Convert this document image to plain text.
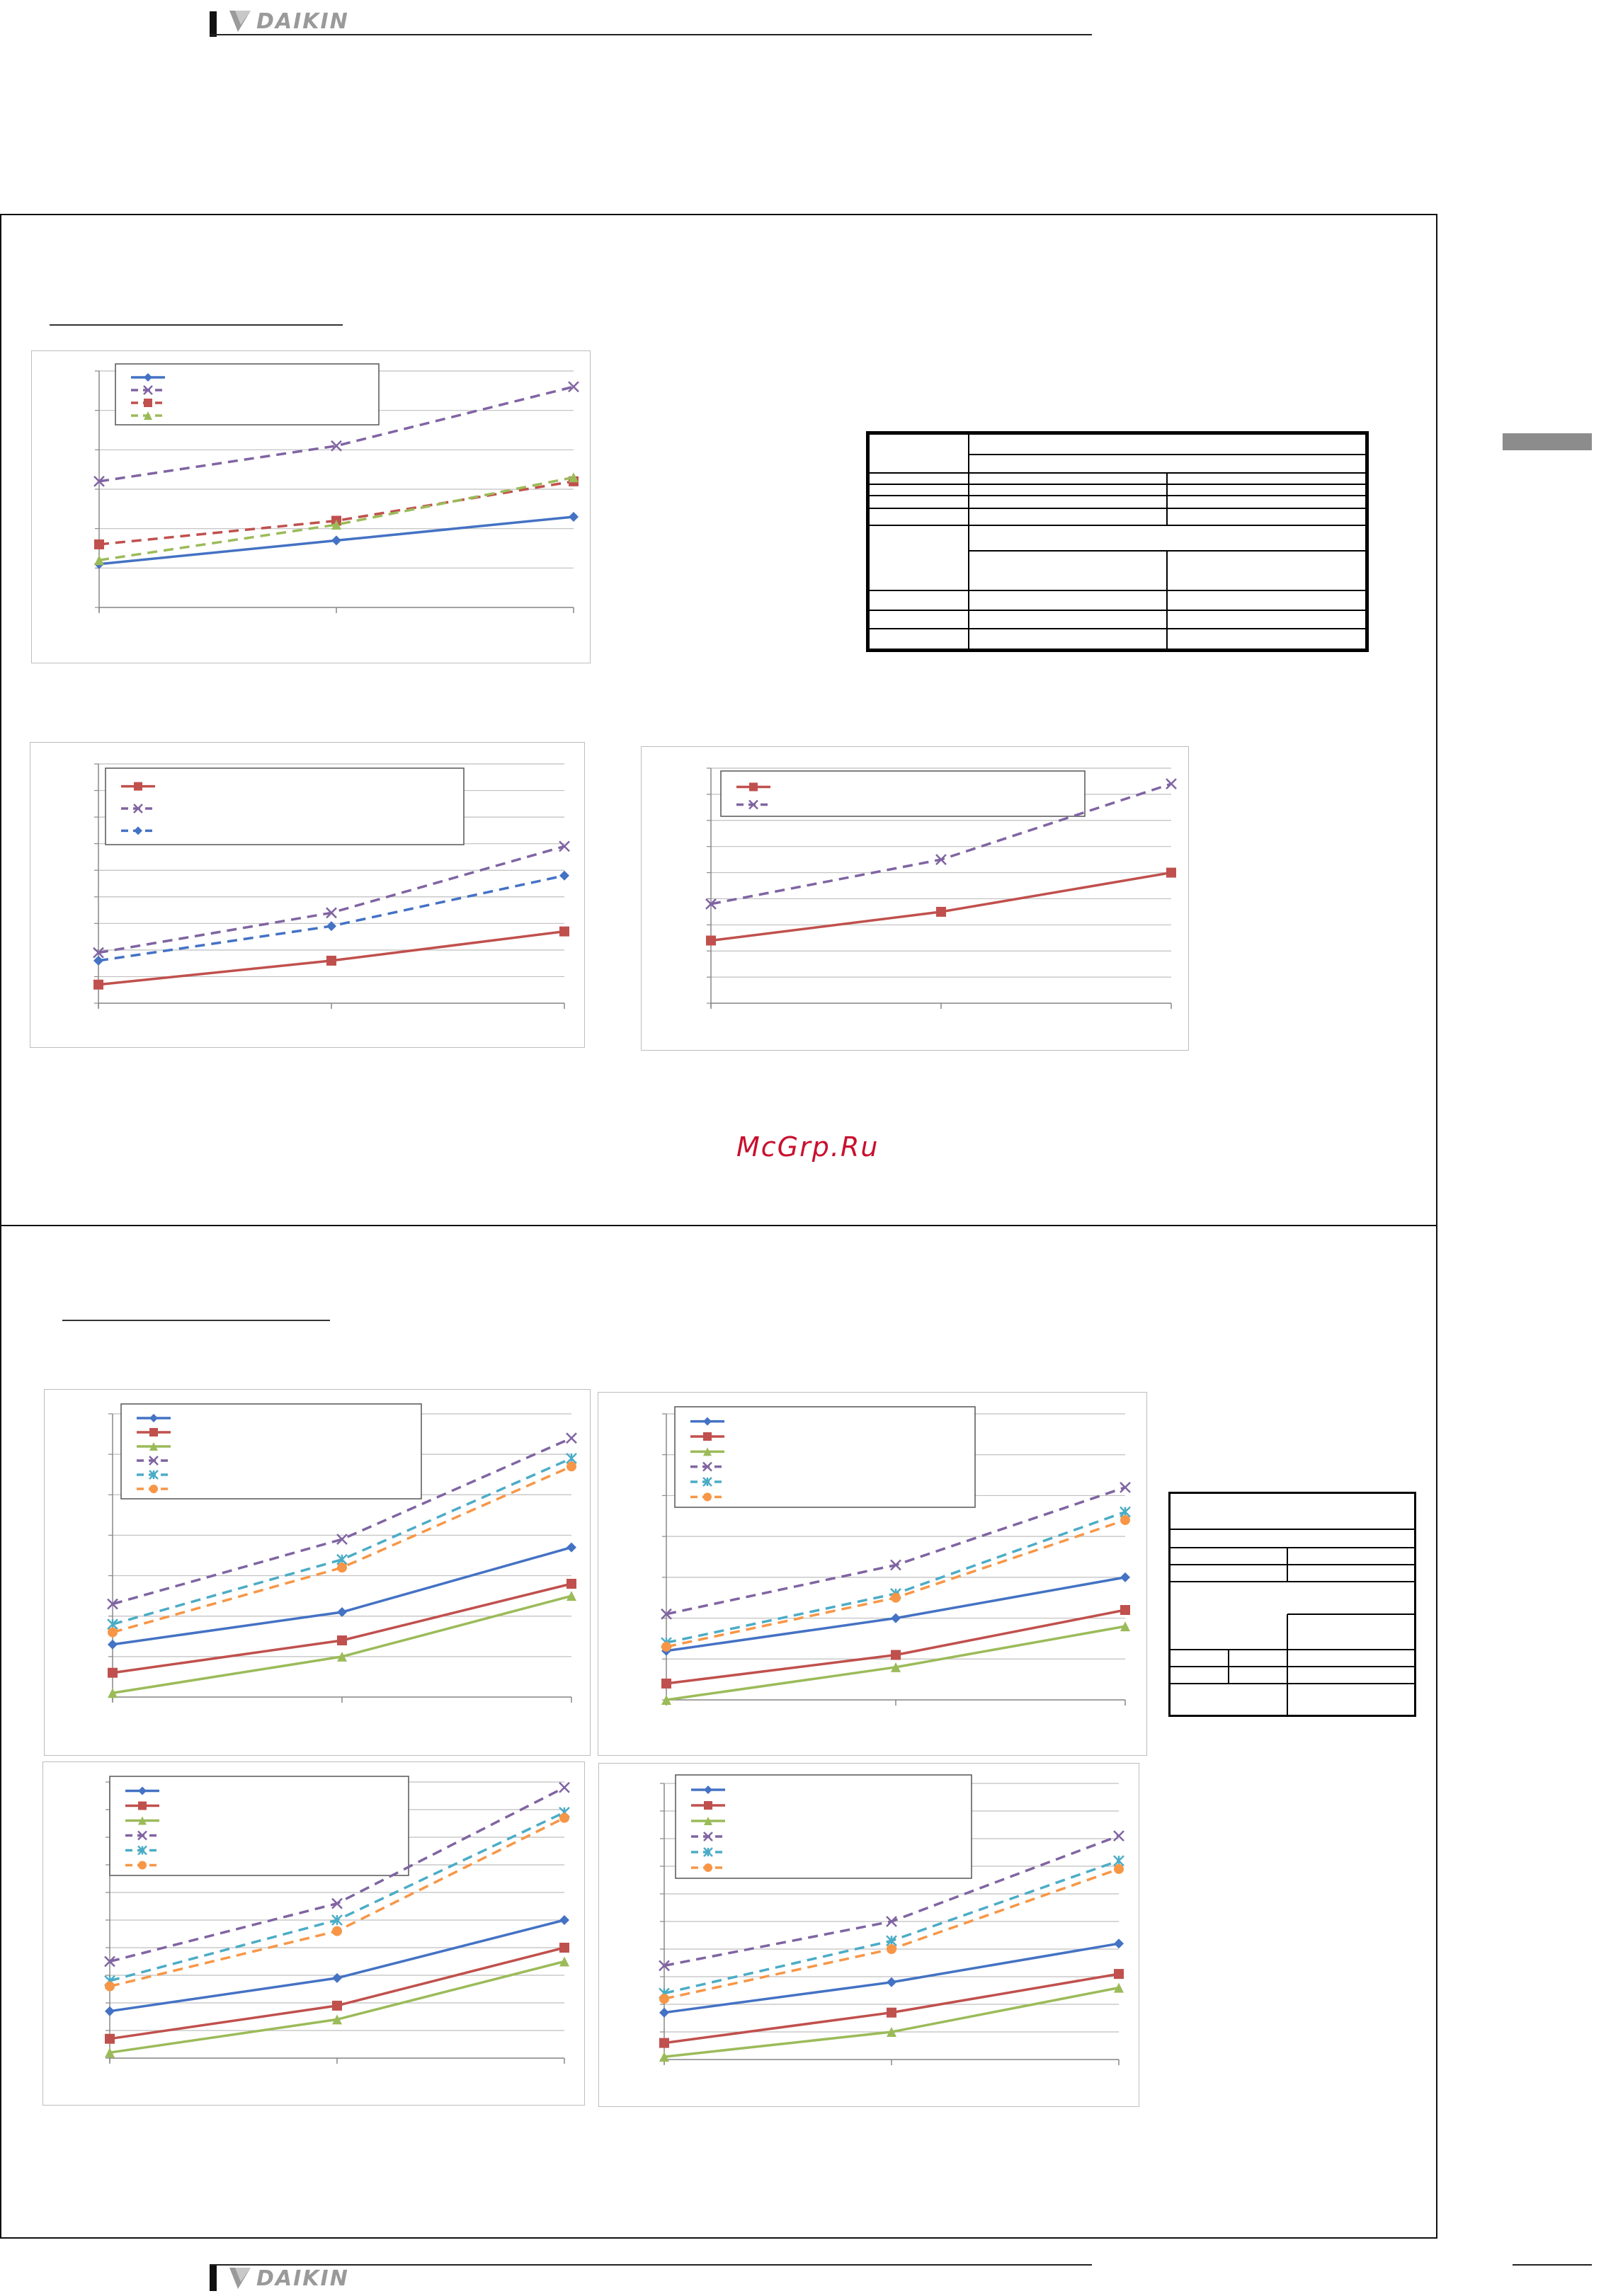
DAIKIN
McGrp.Ru
DAIKIN
